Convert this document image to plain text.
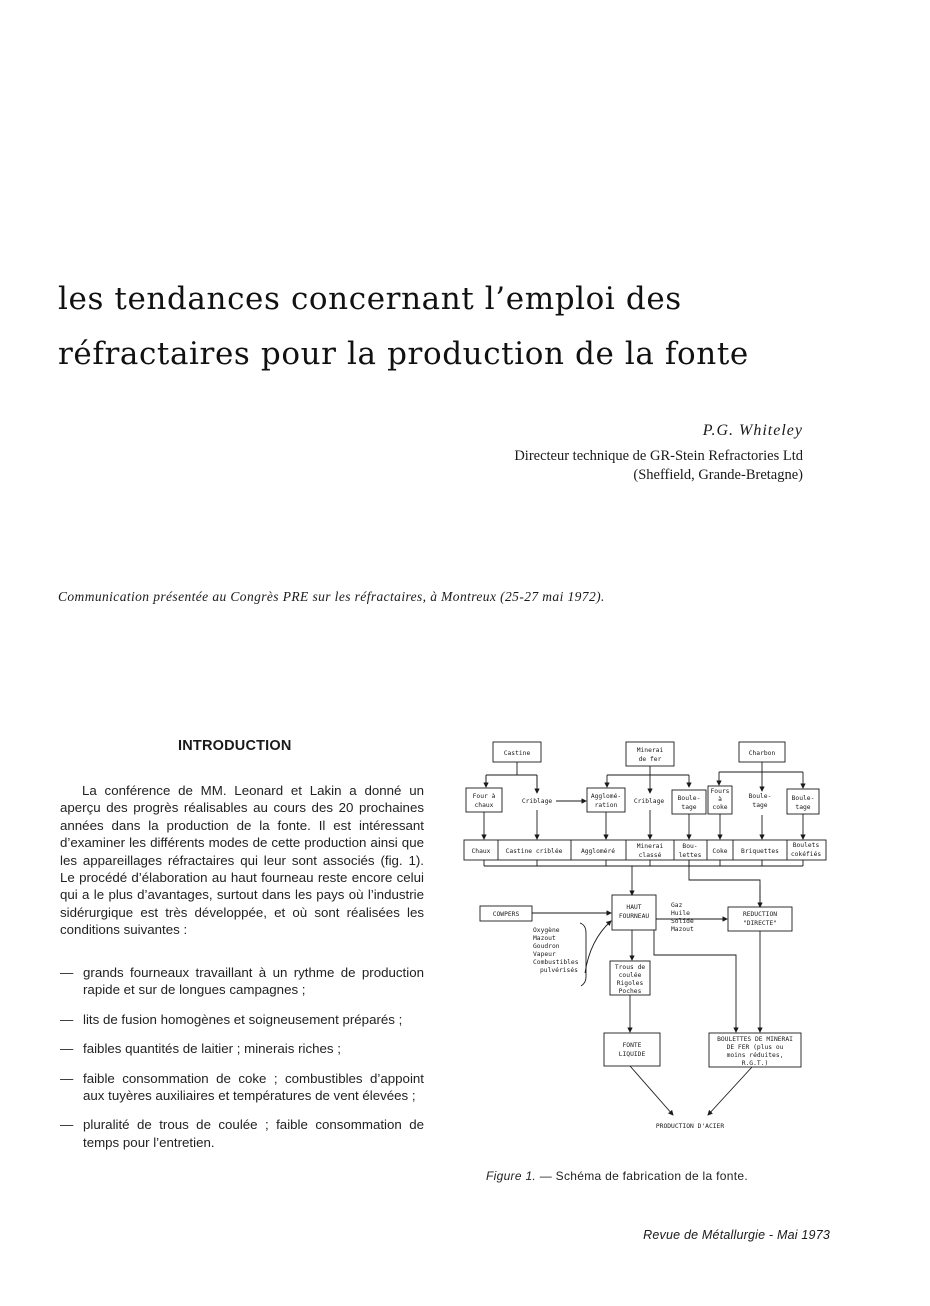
les tendances concernant l’emploi des
réfractaires pour la production de la fonte
P.G. Whiteley
Directeur technique de GR-Stein Refractories Ltd
(Sheffield, Grande-Bretagne)
Communication présentée au Congrès PRE sur les réfractaires, à Montreux (25-27 mai 1972).
INTRODUCTION

La conférence de MM. Leonard et Lakin a donné un aperçu des progrès réalisables au cours des 20 prochaines années dans la production de la fonte. Il est intéressant d’examiner les différents modes de cette production ainsi que les appareillages réfractaires qui leur sont associés (fig. 1). Le procédé d’élaboration au haut fourneau reste encore celui qui a le plus d’avantages, surtout dans les pays où l’industrie sidérurgique est très développée, et où sont réalisées les conditions suivantes :

— grands fourneaux travaillant à un rythme de production rapide et sur de longues campagnes ;
— lits de fusion homogènes et soigneusement préparés ;
— faibles quantités de laitier ; minerais riches ;
— faible consommation de coke ; combustibles d’appoint aux tuyères auxiliaires et températures de vent élevées ;
— pluralité de trous de coulée ; faible consommation de temps pour l’entretien.
Castine	Minerai
de fer
Charbon
Four à
chaux
Criblage
Agglomé-
ration
Criblage Boule-
tage
Fours
à
coke
Boule-
tage
Boule-
tage
Chaux Castine criblée	Aggloméré
Minerai
classé
Bou-
lettes
Coke Briquettes
Boulets
cokéfiés
COWPERS
HAUT
FOURNEAU
Gaz
Huile
Solide
Mazout
REDUCTION
"DIRECTE"
Oxygène
Mazout
Goudron
Vapeur
Combustibles
pulvérisés	Trous de
coulée
Rigoles
Poches
FONTE
LIQUIDE
BOULETTES DE MINERAI
DE FER (plus ou
moins réduites,
R.G.T.)
PRODUCTION D'ACIER
Figure 1. — Schéma de fabrication de la fonte.
Revue de Métallurgie - Mai 1973
